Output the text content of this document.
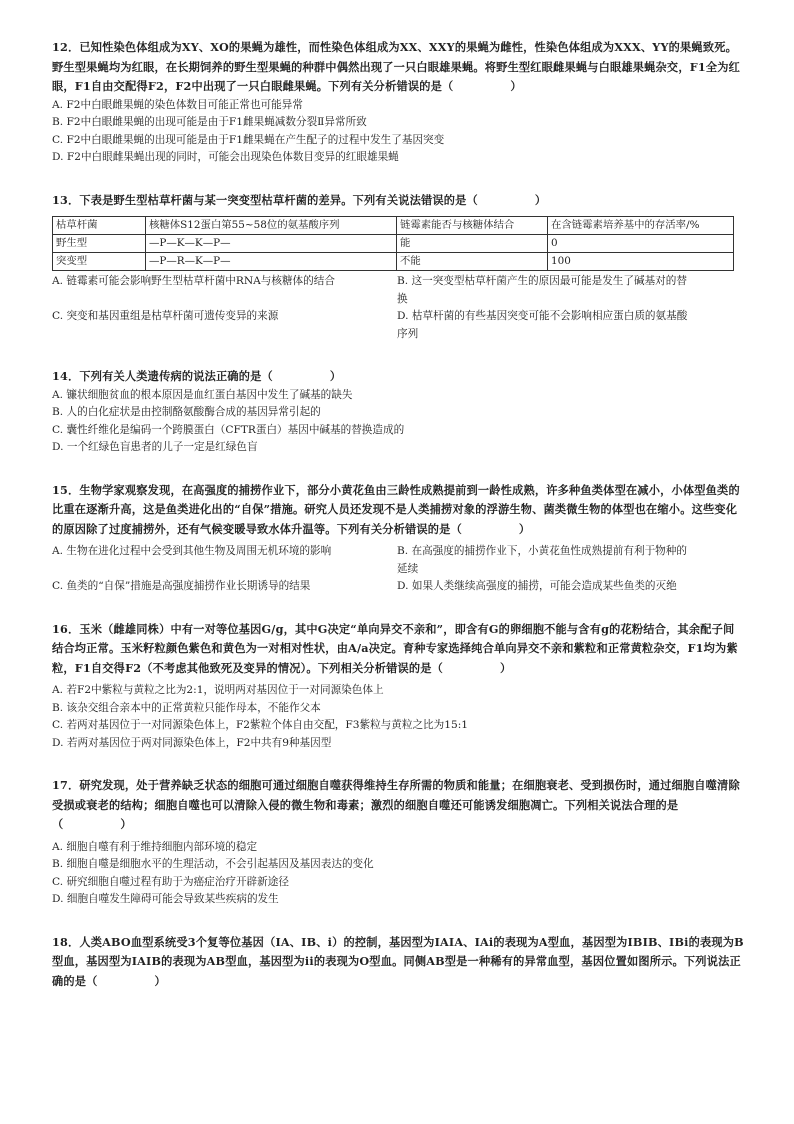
12．已知性染色体组成为XY、XO的果蝇为雄性，而性染色体组成为XX、XXY的果蝇为雌性，性染色体组成为XXX、YY的果蝇致死。野生型果蝇均为红眼，在长期饲养的野生型果蝇的种群中偶然出现了一只白眼雄果蝇。将野生型红眼雌果蝇与白眼雄果蝇杂交，F1全为红眼，F1自由交配得F2，F2中出现了一只白眼雌果蝇。下列有关分析错误的是（　　　　　）
A. F2中白眼雌果蝇的染色体数目可能正常也可能异常
B. F2中白眼雌果蝇的出现可能是由于F1雌果蝇减数分裂Ⅱ异常所致
C. F2中白眼雌果蝇的出现可能是由于F1雌果蝇在产生配子的过程中发生了基因突变
D. F2中白眼雌果蝇出现的同时，可能会出现染色体数目变异的红眼雄果蝇
13．下表是野生型枯草杆菌与某一突变型枯草杆菌的差异。下列有关说法错误的是（　　　　　）
枯草杆菌	核糖体S12蛋白第55~58位的氨基酸序列	链霉素能否与核糖体结合	在含链霉素培养基中的存活率/%
野生型	—P—K—K—P—	能	0
突变型	—P—R—K—P—	不能	100
A. 链霉素可能会影响野生型枯草杆菌中RNA与核糖体的结合	B. 这一突变型枯草杆菌产生的原因最可能是发生了碱基对的替换
C. 突变和基因重组是枯草杆菌可遗传变异的来源	D. 枯草杆菌的有些基因突变可能不会影响相应蛋白质的氨基酸序列
14．下列有关人类遗传病的说法正确的是（　　　　　）
A. 镰状细胞贫血的根本原因是血红蛋白基因中发生了碱基的缺失
B. 人的白化症状是由控制酪氨酸酶合成的基因异常引起的
C. 囊性纤维化是编码一个跨膜蛋白（CFTR蛋白）基因中碱基的替换造成的
D. 一个红绿色盲患者的儿子一定是红绿色盲
15．生物学家观察发现，在高强度的捕捞作业下，部分小黄花鱼由三龄性成熟提前到一龄性成熟，许多种鱼类体型在减小，小体型鱼类的比重在逐渐升高，这是鱼类进化出的“自保”措施。研究人员还发现不是人类捕捞对象的浮游生物、菌类微生物的体型也在缩小。这些变化的原因除了过度捕捞外，还有气候变暖导致水体升温等。下列有关分析错误的是（　　　　　）
A. 生物在进化过程中会受到其他生物及周围无机环境的影响	B. 在高强度的捕捞作业下，小黄花鱼性成熟提前有利于物种的延续
C. 鱼类的“自保”措施是高强度捕捞作业长期诱导的结果	D. 如果人类继续高强度的捕捞，可能会造成某些鱼类的灭绝
16．玉米（雌雄同株）中有一对等位基因G/g，其中G决定“单向异交不亲和”，即含有G的卵细胞不能与含有g的花粉结合，其余配子间结合均正常。玉米籽粒颜色紫色和黄色为一对相对性状，由A/a决定。育种专家选择纯合单向异交不亲和紫粒和正常黄粒杂交，F1均为紫粒，F1自交得F2（不考虑其他致死及变异的情况）。下列相关分析错误的是（　　　　　）
A. 若F2中紫粒与黄粒之比为2:1，说明两对基因位于一对同源染色体上
B. 该杂交组合亲本中的正常黄粒只能作母本，不能作父本
C. 若两对基因位于一对同源染色体上，F2紫粒个体自由交配，F3紫粒与黄粒之比为15:1
D. 若两对基因位于两对同源染色体上，F2中共有9种基因型
17．研究发现，处于营养缺乏状态的细胞可通过细胞自噬获得维持生存所需的物质和能量；在细胞衰老、受到损伤时，通过细胞自噬清除受损或衰老的结构；细胞自噬也可以清除入侵的微生物和毒素；激烈的细胞自噬还可能诱发细胞凋亡。下列相关说法合理的是（　　　　　）
A. 细胞自噬有利于维持细胞内部环境的稳定
B. 细胞自噬是细胞水平的生理活动，不会引起基因及基因表达的变化
C. 研究细胞自噬过程有助于为癌症治疗开辟新途径
D. 细胞自噬发生障碍可能会导致某些疾病的发生
18．人类ABO血型系统受3个复等位基因（IA、IB、i）的控制，基因型为IAIA、IAi的表现为A型血，基因型为IBIB、IBi的表现为B型血，基因型为IAIB的表现为AB型血，基因型为ii的表现为O型血。同侧AB型是一种稀有的异常血型，基因位置如图所示。下列说法正确的是（　　　　　）
